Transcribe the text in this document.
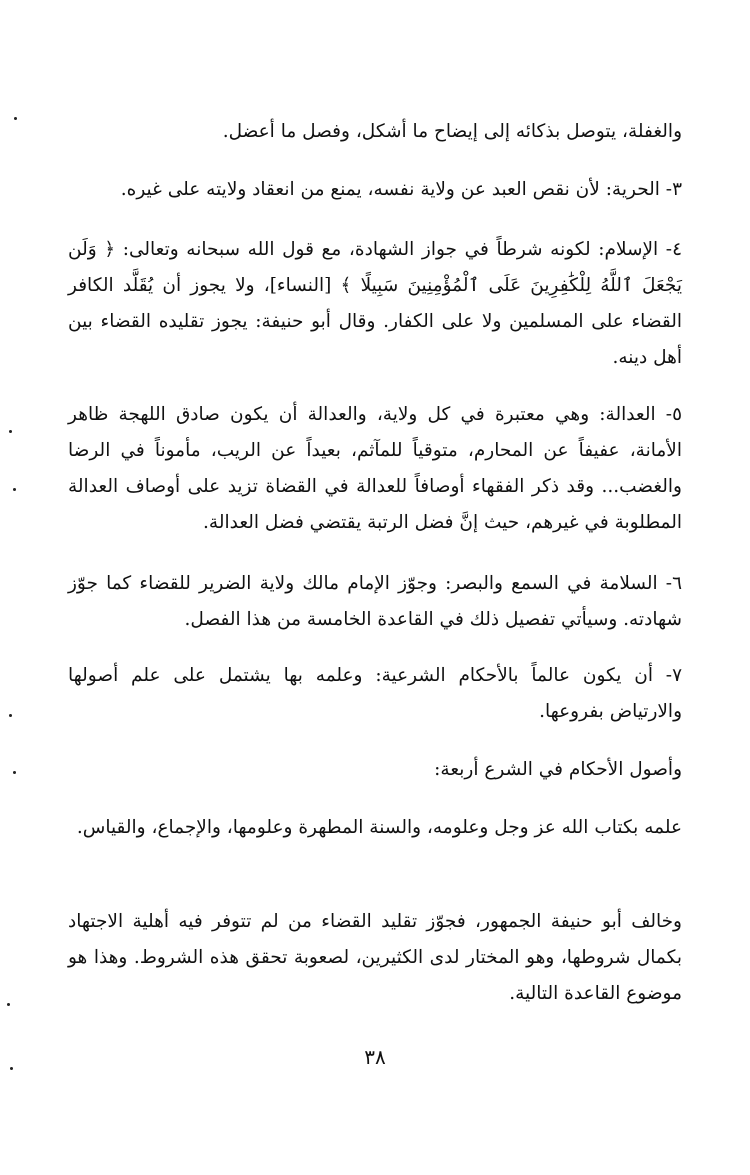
والغفلة، يتوصل بذكائه إلى إيضاح ما أشكل، وفصل ما أعضل.

٣- الحرية: لأن نقص العبد عن ولاية نفسه، يمنع من انعقاد ولايته على غيره.

٤- الإسلام: لكونه شرطاً في جواز الشهادة، مع قول الله سبحانه وتعالى: ﴿ وَلَن يَجْعَلَ ٱللَّهُ لِلْكَٰفِرِينَ عَلَى ٱلْمُؤْمِنِينَ سَبِيلًا ﴾ [النساء]، ولا يجوز أن يُقَلَّد الكافر القضاء على المسلمين ولا على الكفار. وقال أبو حنيفة: يجوز تقليده القضاء بين أهل دينه.

٥- العدالة: وهي معتبرة في كل ولاية، والعدالة أن يكون صادق اللهجة ظاهر الأمانة، عفيفاً عن المحارم، متوقياً للمآثم، بعيداً عن الريب، مأموناً في الرضا والغضب... وقد ذكر الفقهاء أوصافاً للعدالة في القضاة تزيد على أوصاف العدالة المطلوبة في غيرهم، حيث إنَّ فضل الرتبة يقتضي فضل العدالة.

٦- السلامة في السمع والبصر: وجوّز الإمام مالك ولاية الضرير للقضاء كما جوّز شهادته. وسيأتي تفصيل ذلك في القاعدة الخامسة من هذا الفصل.

٧- أن يكون عالماً بالأحكام الشرعية: وعلمه بها يشتمل على علم أصولها والارتياض بفروعها.

وأصول الأحكام في الشرع أربعة:

علمه بكتاب الله عز وجل وعلومه، والسنة المطهرة وعلومها، والإجماع، والقياس.

وخالف أبو حنيفة الجمهور، فجوّز تقليد القضاء من لم تتوفر فيه أهلية الاجتهاد بكمال شروطها، وهو المختار لدى الكثيرين، لصعوبة تحقق هذه الشروط. وهذا هو موضوع القاعدة التالية.

٣٨
